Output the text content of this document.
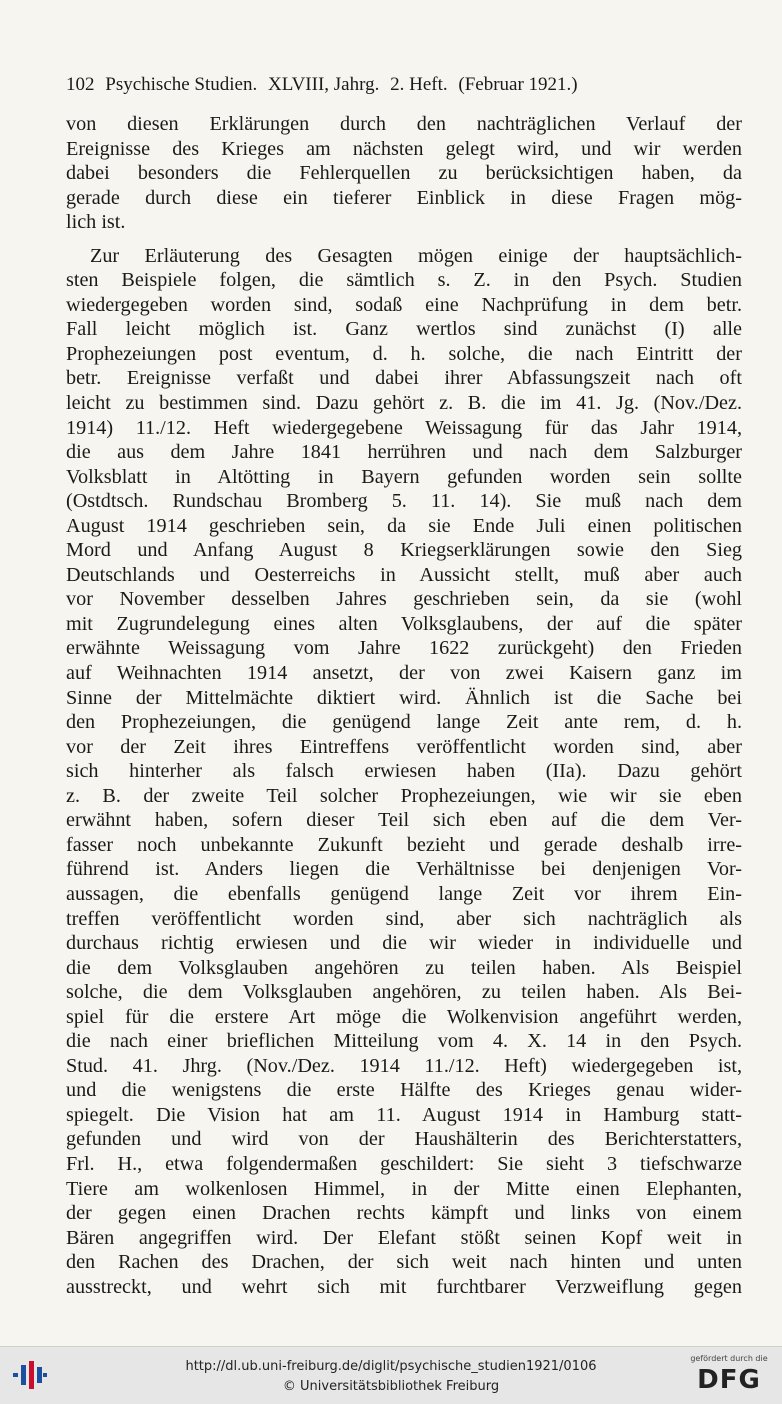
102 Psychische Studien. XLVIII, Jahrg. 2. Heft. (Februar 1921.)
von diesen Erklärungen durch den nachträglichen Verlauf der
Ereignisse des Krieges am nächsten gelegt wird, und wir werden
dabei besonders die Fehlerquellen zu berücksichtigen haben, da
gerade durch diese ein tieferer Einblick in diese Fragen mög-
lich ist.
Zur Erläuterung des Gesagten mögen einige der hauptsächlich-
sten Beispiele folgen, die sämtlich s. Z. in den Psych. Studien
wiedergegeben worden sind, sodaß eine Nachprüfung in dem betr.
Fall leicht möglich ist. Ganz wertlos sind zunächst (I) alle
Prophezeiungen post eventum, d. h. solche, die nach Eintritt der
betr. Ereignisse verfaßt und dabei ihrer Abfassungszeit nach oft
leicht zu bestimmen sind. Dazu gehört z. B. die im 41. Jg. (Nov./Dez.
1914) 11./12. Heft wiedergegebene Weissagung für das Jahr 1914,
die aus dem Jahre 1841 herrühren und nach dem Salzburger
Volksblatt in Altötting in Bayern gefunden worden sein sollte
(Ostdtsch. Rundschau Bromberg 5. 11. 14). Sie muß nach dem
August 1914 geschrieben sein, da sie Ende Juli einen politischen
Mord und Anfang August 8 Kriegserklärungen sowie den Sieg
Deutschlands und Oesterreichs in Aussicht stellt, muß aber auch
vor November desselben Jahres geschrieben sein, da sie (wohl
mit Zugrundelegung eines alten Volksglaubens, der auf die später
erwähnte Weissagung vom Jahre 1622 zurückgeht) den Frieden
auf Weihnachten 1914 ansetzt, der von zwei Kaisern ganz im
Sinne der Mittelmächte diktiert wird. Ähnlich ist die Sache bei
den Prophezeiungen, die genügend lange Zeit ante rem, d. h.
vor der Zeit ihres Eintreffens veröffentlicht worden sind, aber
sich hinterher als falsch erwiesen haben (IIa). Dazu gehört
z. B. der zweite Teil solcher Prophezeiungen, wie wir sie eben
erwähnt haben, sofern dieser Teil sich eben auf die dem Ver-
fasser noch unbekannte Zukunft bezieht und gerade deshalb irre-
führend ist. Anders liegen die Verhältnisse bei denjenigen Vor-
aussagen, die ebenfalls genügend lange Zeit vor ihrem Ein-
treffen veröffentlicht worden sind, aber sich nachträglich als
durchaus richtig erwiesen und die wir wieder in individuelle und
die dem Volksglauben angehören zu teilen haben. Als Beispiel
solche, die dem Volksglauben angehören, zu teilen haben. Als Bei-
spiel für die erstere Art möge die Wolkenvision angeführt werden,
die nach einer brieflichen Mitteilung vom 4. X. 14 in den Psych.
Stud. 41. Jhrg. (Nov./Dez. 1914 11./12. Heft) wiedergegeben ist,
und die wenigstens die erste Hälfte des Krieges genau wider-
spiegelt. Die Vision hat am 11. August 1914 in Hamburg statt-
gefunden und wird von der Haushälterin des Berichterstatters,
Frl. H., etwa folgendermaßen geschildert: Sie sieht 3 tiefschwarze
Tiere am wolkenlosen Himmel, in der Mitte einen Elephanten,
der gegen einen Drachen rechts kämpft und links von einem
Bären angegriffen wird. Der Elefant stößt seinen Kopf weit in
den Rachen des Drachen, der sich weit nach hinten und unten
ausstreckt, und wehrt sich mit furchtbarer Verzweiflung gegen
http://dl.ub.uni-freiburg.de/diglit/psychische_studien1921/0106
© Universitätsbibliothek Freiburg
gefördert durch die
DFG
